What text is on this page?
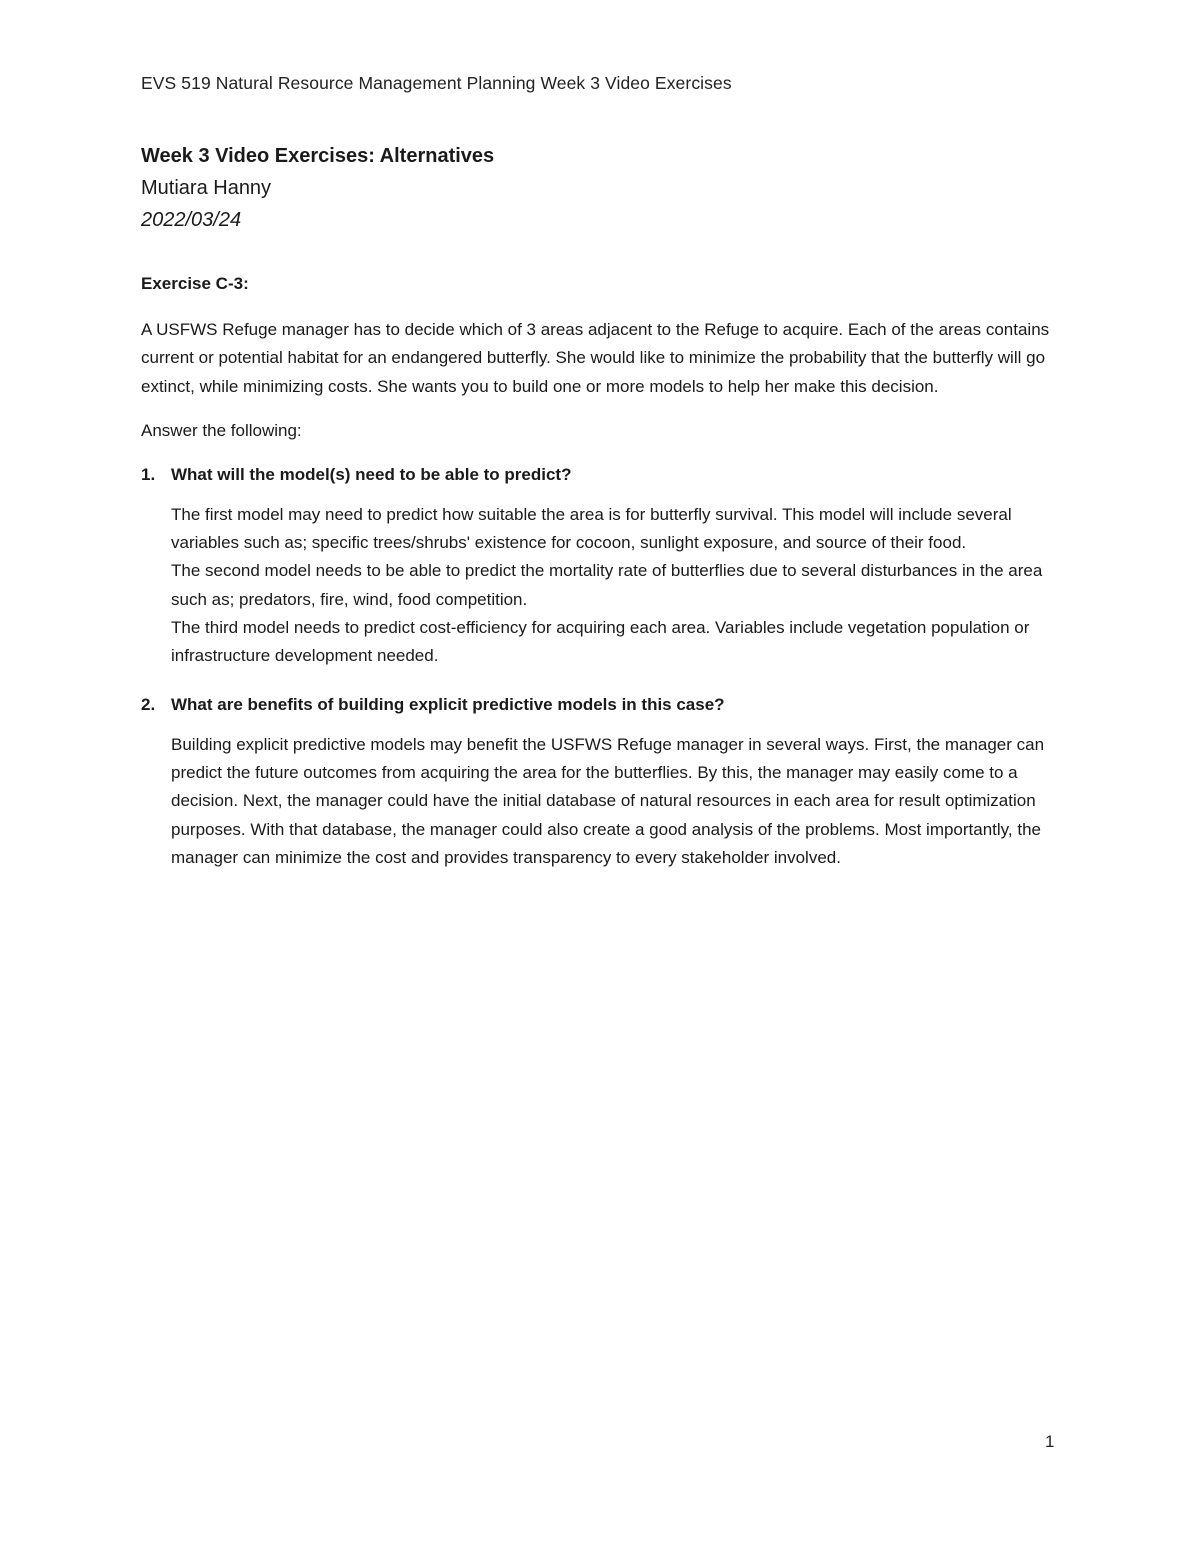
EVS 519 Natural Resource Management Planning Week 3 Video Exercises
Week 3 Video Exercises: Alternatives
Mutiara Hanny
2022/03/24
Exercise C-3:

A USFWS Refuge manager has to decide which of 3 areas adjacent to the Refuge to acquire. Each of the areas contains current or potential habitat for an endangered butterfly. She would like to minimize the probability that the butterfly will go extinct, while minimizing costs. She wants you to build one or more models to help her make this decision.

Answer the following:

1. What will the model(s) need to be able to predict?

The first model may need to predict how suitable the area is for butterfly survival. This model will include several variables such as; specific trees/shrubs' existence for cocoon, sunlight exposure, and source of their food.

The second model needs to be able to predict the mortality rate of butterflies due to several disturbances in the area such as; predators, fire, wind, food competition.

The third model needs to predict cost-efficiency for acquiring each area. Variables include vegetation population or infrastructure development needed.

2. What are benefits of building explicit predictive models in this case?

Building explicit predictive models may benefit the USFWS Refuge manager in several ways. First, the manager can predict the future outcomes from acquiring the area for the butterflies. By this, the manager may easily come to a decision. Next, the manager could have the initial database of natural resources in each area for result optimization purposes. With that database, the manager could also create a good analysis of the problems. Most importantly, the manager can minimize the cost and provides transparency to every stakeholder involved.

1
